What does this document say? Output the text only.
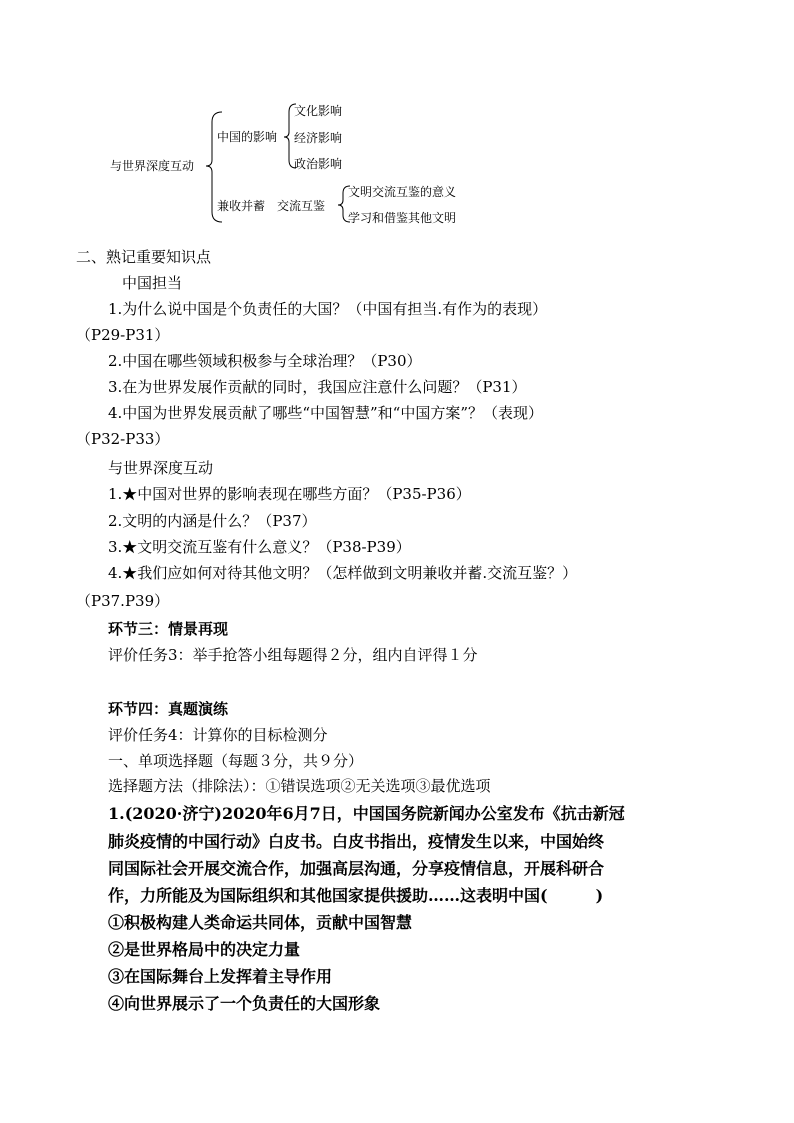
与世界深度互动
中国的影响
文化影响
经济影响
政治影响
兼收并蓄　交流互鉴
文明交流互鉴的意义
学习和借鉴其他文明
二、熟记重要知识点
中国担当
1.为什么说中国是个负责任的大国？（中国有担当.有作为的表现）
（P29-P31）
2.中国在哪些领域积极参与全球治理？（P30）
3.在为世界发展作贡献的同时，我国应注意什么问题？（P31）
4.中国为世界发展贡献了哪些“中国智慧”和“中国方案”？（表现）
（P32-P33）
与世界深度互动
1.★中国对世界的影响表现在哪些方面？（P35-P36）
2.文明的内涵是什么？（P37）
3.★文明交流互鉴有什么意义？（P38-P39）
4.★我们应如何对待其他文明？（怎样做到文明兼收并蓄.交流互鉴？）
（P37.P39）
环节三：情景再现
评价任务3：举手抢答小组每题得２分，组内自评得１分
环节四：真题演练
评价任务4：计算你的目标检测分
一、单项选择题（每题３分，共９分）
选择题方法（排除法）：①错误选项②无关选项③最优选项
1.(2020·济宁)2020年6月7日，中国国务院新闻办公室发布《抗击新冠
肺炎疫情的中国行动》白皮书。白皮书指出，疫情发生以来，中国始终
同国际社会开展交流合作，加强高层沟通，分享疫情信息，开展科研合
作，力所能及为国际组织和其他国家提供援助……这表明中国(　　　)
①积极构建人类命运共同体，贡献中国智慧
②是世界格局中的决定力量
③在国际舞台上发挥着主导作用
④向世界展示了一个负责任的大国形象
